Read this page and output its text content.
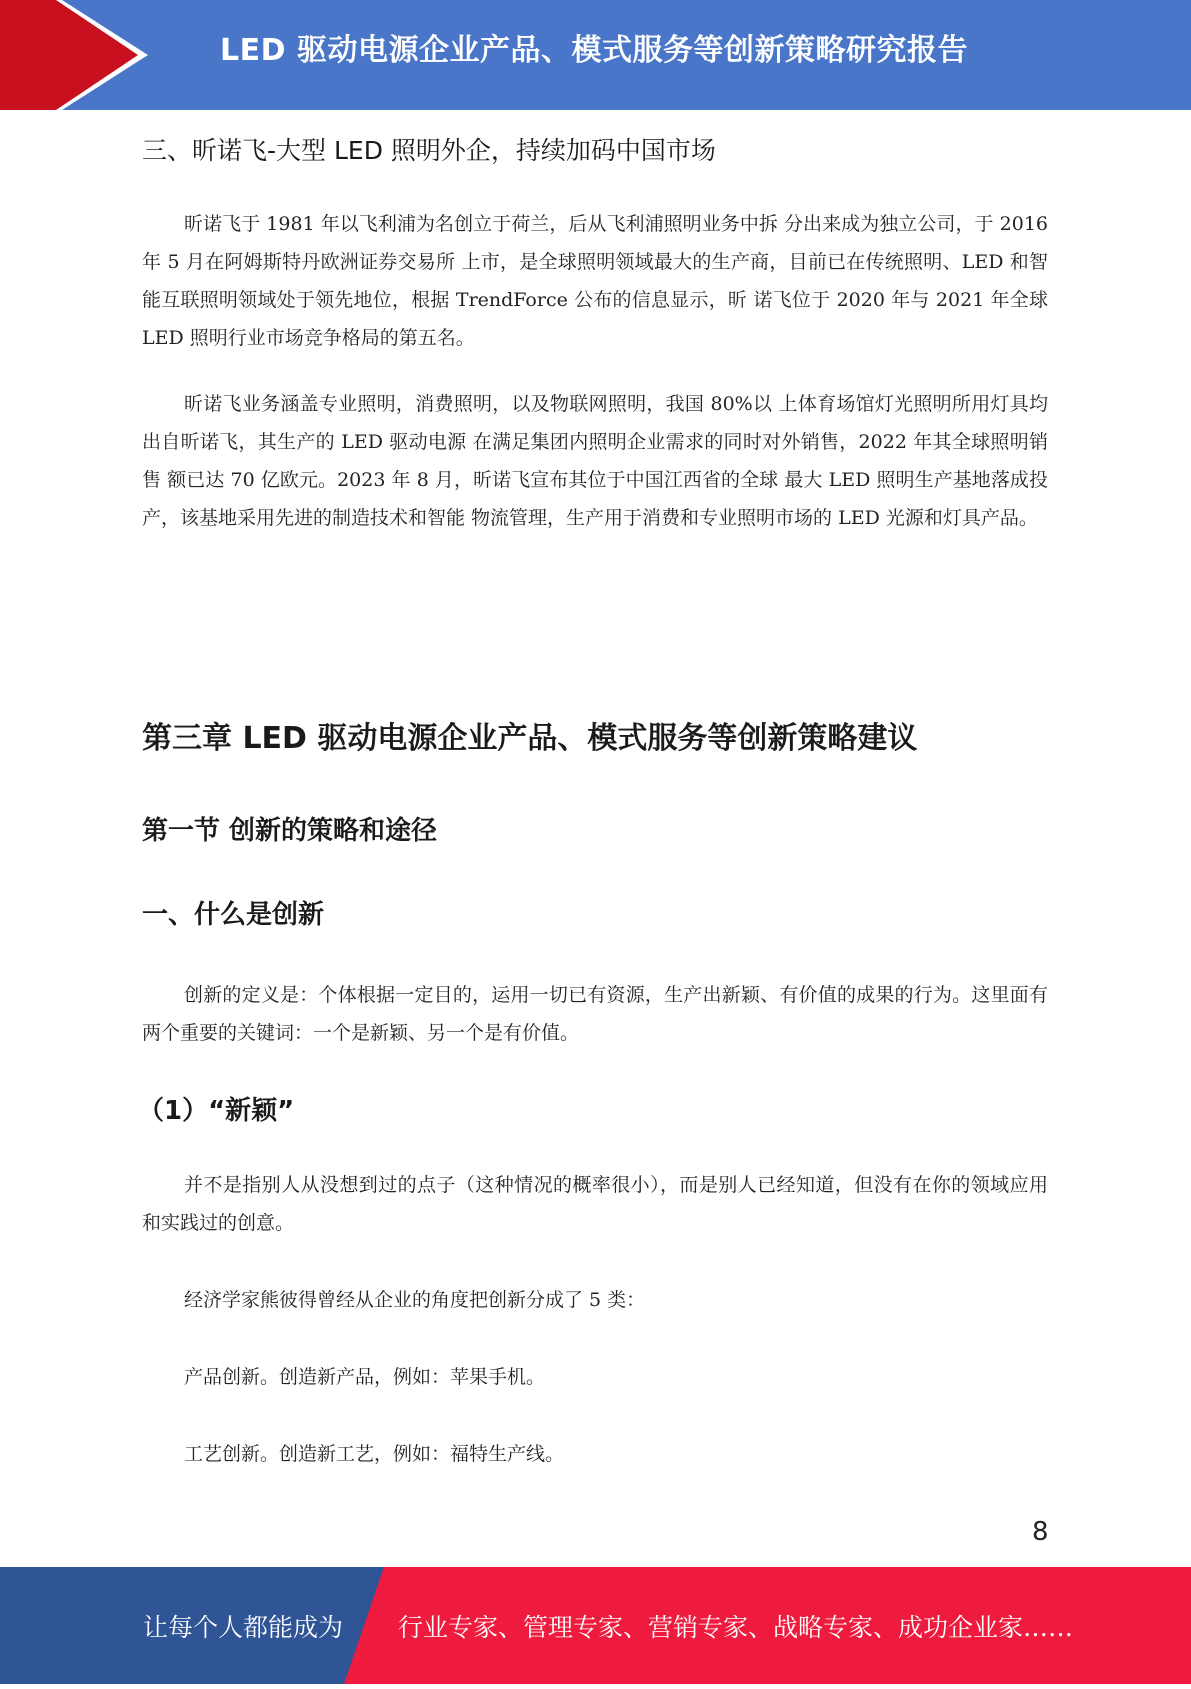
LED 驱动电源企业产品、模式服务等创新策略研究报告
三、昕诺飞-大型 LED 照明外企，持续加码中国市场

昕诺飞于 1981 年以飞利浦为名创立于荷兰，后从飞利浦照明业务中拆 分出来成为独立公司，于 2016 年 5 月在阿姆斯特丹欧洲证券交易所 上市，是全球照明领域最大的生产商，目前已在传统照明、LED 和智 能互联照明领域处于领先地位，根据 TrendForce 公布的信息显示，昕 诺飞位于 2020 年与 2021 年全球 LED 照明行业市场竞争格局的第五名。

昕诺飞业务涵盖专业照明，消费照明，以及物联网照明，我国 80%以 上体育场馆灯光照明所用灯具均出自昕诺飞，其生产的 LED 驱动电源 在满足集团内照明企业需求的同时对外销售，2022 年其全球照明销售 额已达 70 亿欧元。2023 年 8 月，昕诺飞宣布其位于中国江西省的全球 最大 LED 照明生产基地落成投产，该基地采用先进的制造技术和智能 物流管理，生产用于消费和专业照明市场的 LED 光源和灯具产品。

第三章 LED 驱动电源企业产品、模式服务等创新策略建议
第一节 创新的策略和途径
一、什么是创新

创新的定义是：个体根据一定目的，运用一切已有资源，生产出新颖、有价值的成果的行为。这里面有两个重要的关键词：一个是新颖、另一个是有价值。

（1）“新颖”

并不是指别人从没想到过的点子（这种情况的概率很小），而是别人已经知道，但没有在你的领域应用和实践过的创意。

经济学家熊彼得曾经从企业的角度把创新分成了 5 类：
产品创新。创造新产品，例如：苹果手机。
工艺创新。创造新工艺，例如：福特生产线。
8
让每个人都能成为 行业专家、管理专家、营销专家、战略专家、成功企业家……
